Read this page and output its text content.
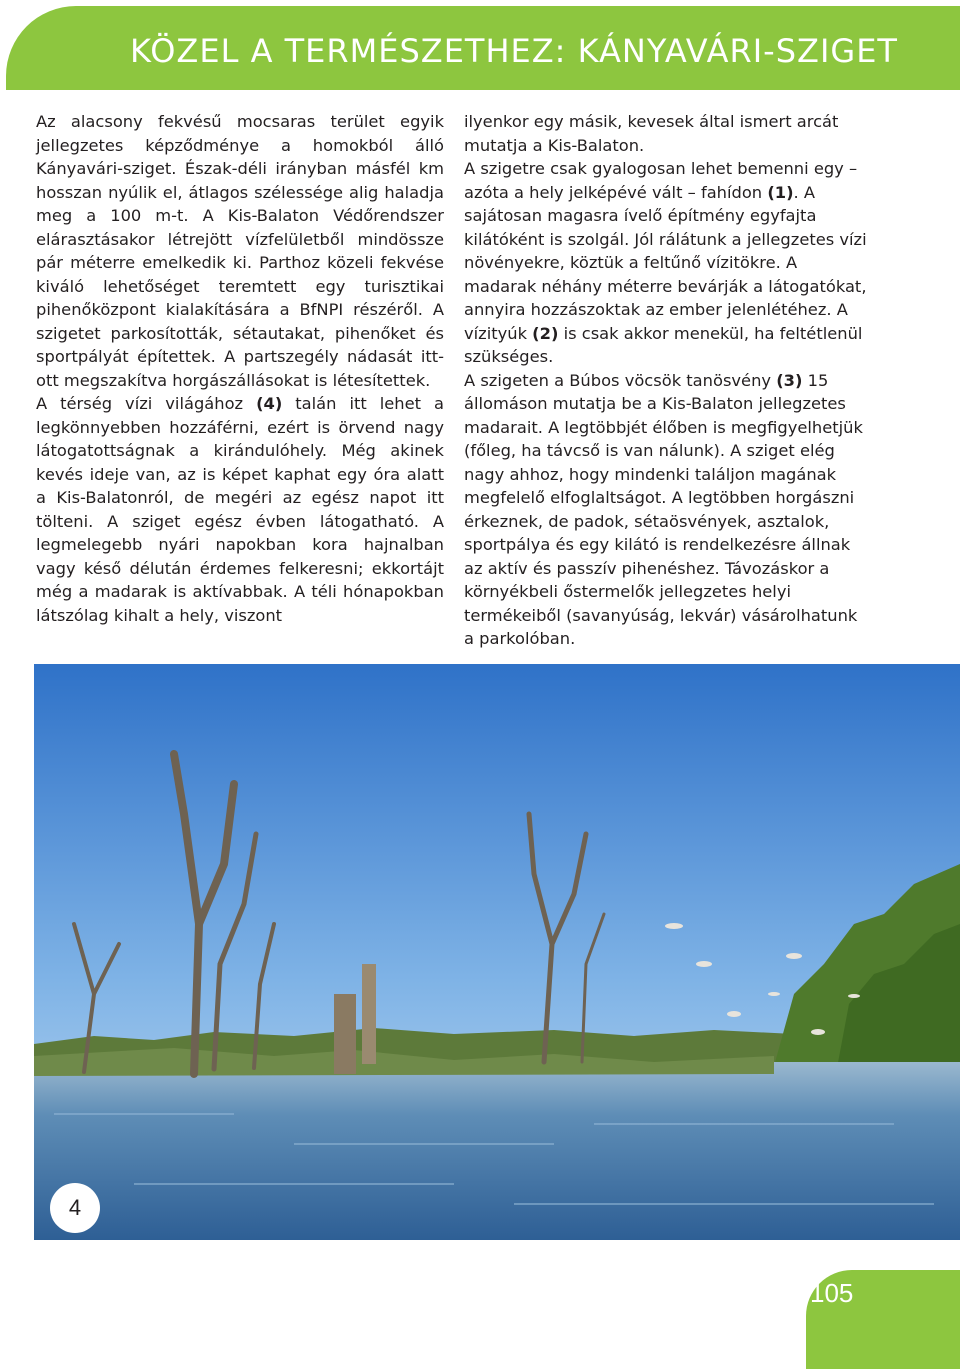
KÖZEL A TERMÉSZETHEZ: KÁNYAVÁRI-SZIGET

Az alacsony fekvésű mocsaras terület egyik jellegzetes képződménye a homokból álló Kányavári-sziget. Észak-déli irányban másfél km hosszan nyúlik el, átlagos szélessége alig haladja meg a 100 m-t. A Kis-Balaton Védőrendszer elárasztásakor létrejött vízfelületből mindössze pár méterre emelkedik ki. Parthoz közeli fekvése kiváló lehetőséget teremtett egy turisztikai pihenőközpont kialakítására a BfNPI részéről. A szigetet parkosították, sétautakat, pihenőket és sportpályát építettek. A partszegély nádasát itt-ott megszakítva horgászállásokat is létesítettek.

A térség vízi világához (4) talán itt lehet a legkönnyebben hozzáférni, ezért is örvend nagy látogatottságnak a kirándulóhely. Még akinek kevés ideje van, az is képet kaphat egy óra alatt a Kis-Balatonról, de megéri az egész napot itt tölteni. A sziget egész évben látogatható. A legmelegebb nyári napokban kora hajnalban vagy késő délután érdemes felkeresni; ekkortájt még a madarak is aktívabbak. A téli hónapokban látszólag kihalt a hely, viszont

ilyenkor egy másik, kevesek által ismert arcát mutatja a Kis-Balaton.

A szigetre csak gyalogosan lehet bemenni egy – azóta a hely jelképévé vált – fahídon (1). A sajátosan magasra ívelő építmény egyfajta kilátóként is szolgál. Jól rálátunk a jellegzetes vízi növényekre, köztük a feltűnő vízitökre. A madarak néhány méterre bevárják a látogatókat, annyira hozzászoktak az ember jelenlétéhez. A vízityúk (2) is csak akkor menekül, ha feltétlenül szükséges.

A szigeten a Búbos vöcsök tanösvény (3) 15 állomáson mutatja be a Kis-Balaton jellegzetes madarait. A legtöbbjét élőben is megfigyelhetjük (főleg, ha távcső is van nálunk). A sziget elég nagy ahhoz, hogy mindenki találjon magának megfelelő elfoglaltságot. A legtöbben horgászni érkeznek, de padok, sétaösvények, asztalok, sportpálya és egy kilátó is rendelkezésre állnak az aktív és passzív pihenéshez. Távozáskor a környékbeli őstermelők jellegzetes helyi termékeiből (savanyúság, lekvár) vásárolhatunk a parkolóban.

4
105
